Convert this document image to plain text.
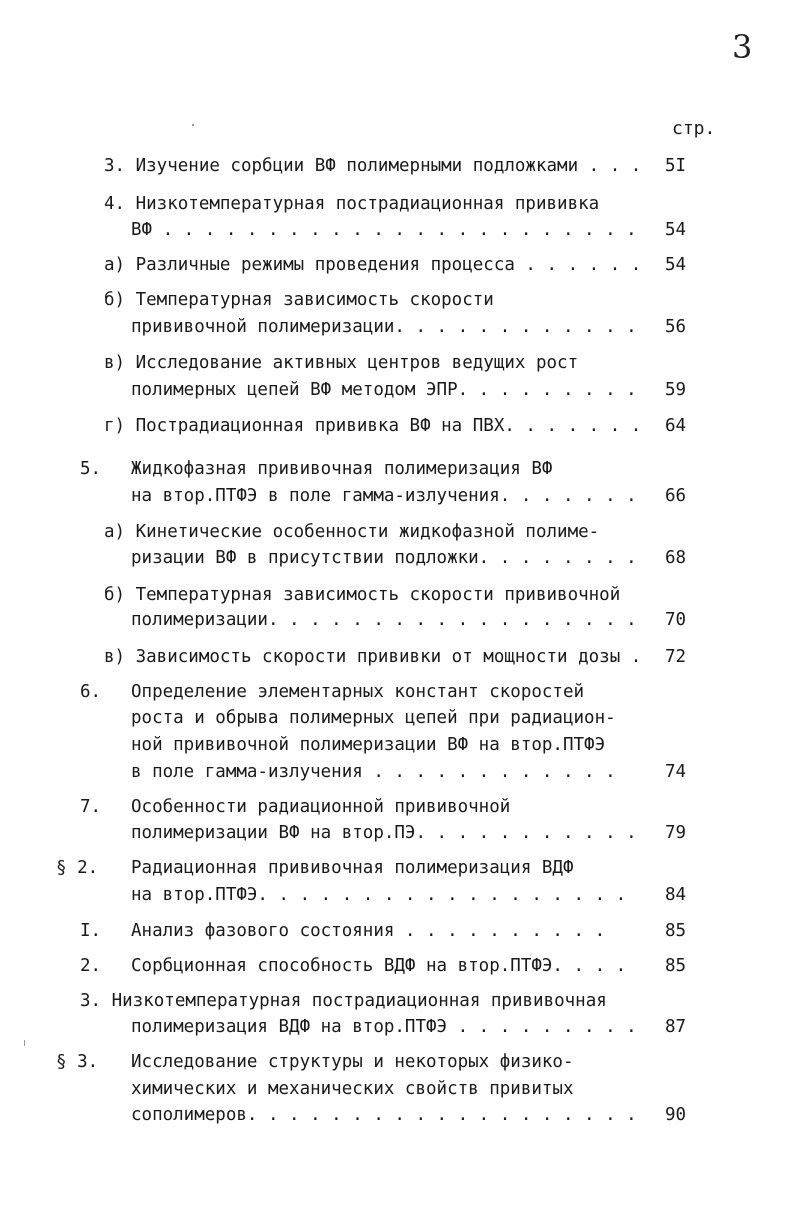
3
стр.
3. Изучение сорбции ВФ полимерными подложками . . .
4. Низкотемпературная пострадиационная прививка
ВФ . . . . . . . . . . . . . . . . . . . . . . .
а) Различные режимы проведения процесса . . . . . .
б) Температурная зависимость скорости
прививочной полимеризации. . . . . . . . . . . .
в) Исследование активных центров ведущих рост
полимерных цепей ВФ методом ЭПР. . . . . . . . .
г) Пострадиационная прививка ВФ на ПВХ. . . . . . .
5. Жидкофазная прививочная полимеризация ВФ
на втор.ПТФЭ в поле гамма-излучения. . . . . . .
а) Кинетические особенности жидкофазной полиме-
ризации ВФ в присутствии подложки. . . . . . . .
б) Температурная зависимость скорости прививочной
полимеризации. . . . . . . . . . . . . . . . . .
в) Зависимость скорости прививки от мощности дозы .
6. Определение элементарных констант скоростей
роста и обрыва полимерных цепей при радиацион-
ной прививочной полимеризации ВФ на втор.ПТФЭ
в поле гамма-излучения . . . . . . . . . . . .
7. Особенности радиационной прививочной
полимеризации ВФ на втор.ПЭ. . . . . . . . . . .
§ 2. Радиационная прививочная полимеризация ВДФ
на втор.ПТФЭ. . . . . . . . . . . . . . . . . .
I. Анализ фазового состояния . . . . . . . . . .
2. Сорбционная способность ВДФ на втор.ПТФЭ. . . .
3. Низкотемпературная пострадиационная прививочная
полимеризация ВДФ на втор.ПТФЭ . . . . . . . . .
§ 3. Исследование структуры и некоторых физико-
химических и механических свойств привитых
сополимеров. . . . . . . . . . . . . . . . . . .
5I
54
54
56
59
64
66
68
70
72
74
79
84
85
85
87
90
